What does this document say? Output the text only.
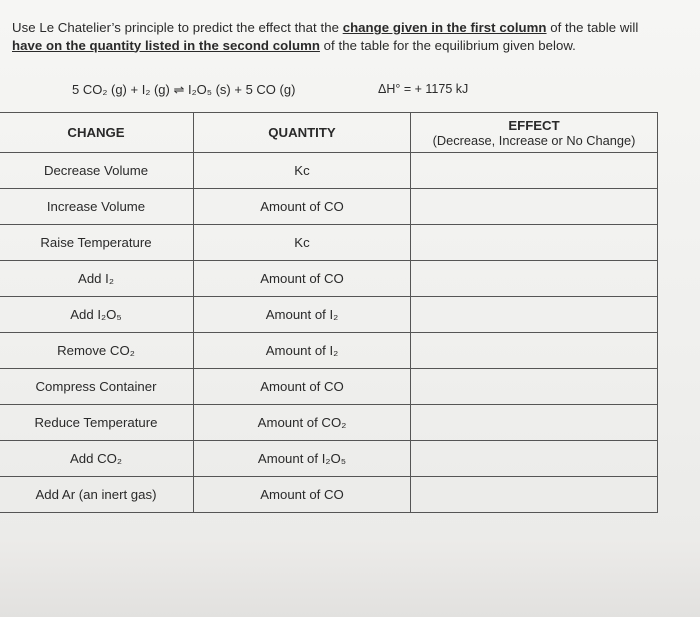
Use Le Chatelier’s principle to predict the effect that the change given in the first column of the table will have on the quantity listed in the second column of the table for the equilibrium given below.
5 CO₂ (g) + I₂ (g) ⇌ I₂O₅ (s) + 5 CO (g)	ΔH° = + 1175 kJ
CHANGE	QUANTITY	EFFECT
(Decrease, Increase or No Change)

Decrease Volume	Kc	
Increase Volume	Amount of CO	
Raise Temperature	Kc	
Add I₂	Amount of CO	
Add I₂O₅	Amount of I₂	
Remove CO₂	Amount of I₂	
Compress Container	Amount of CO	
Reduce Temperature	Amount of CO₂	
Add CO₂	Amount of I₂O₅	
Add Ar (an inert gas)	Amount of CO	
